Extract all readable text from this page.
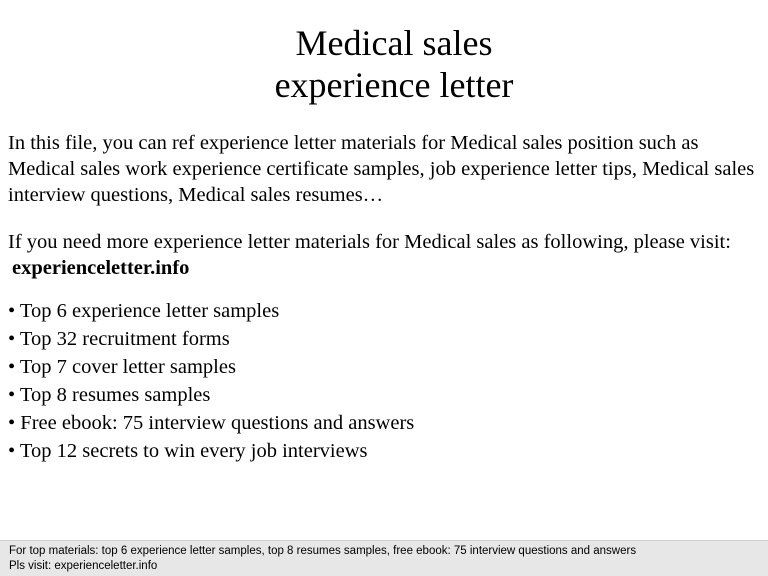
Medical sales
experience letter
In this file, you can ref experience letter materials for Medical sales position such as Medical sales work experience certificate samples, job experience letter tips, Medical sales interview questions, Medical sales resumes…
If you need more experience letter materials for Medical sales as following, please visit: experienceletter.info
• Top 6 experience letter samples
• Top 32 recruitment forms
• Top 7 cover letter samples
• Top 8 resumes samples
• Free ebook: 75 interview questions and answers
• Top 12 secrets to win every job interviews
For top materials: top 6 experience letter samples, top 8 resumes samples, free ebook: 75 interview questions and answers
Pls visit: experienceletter.info
